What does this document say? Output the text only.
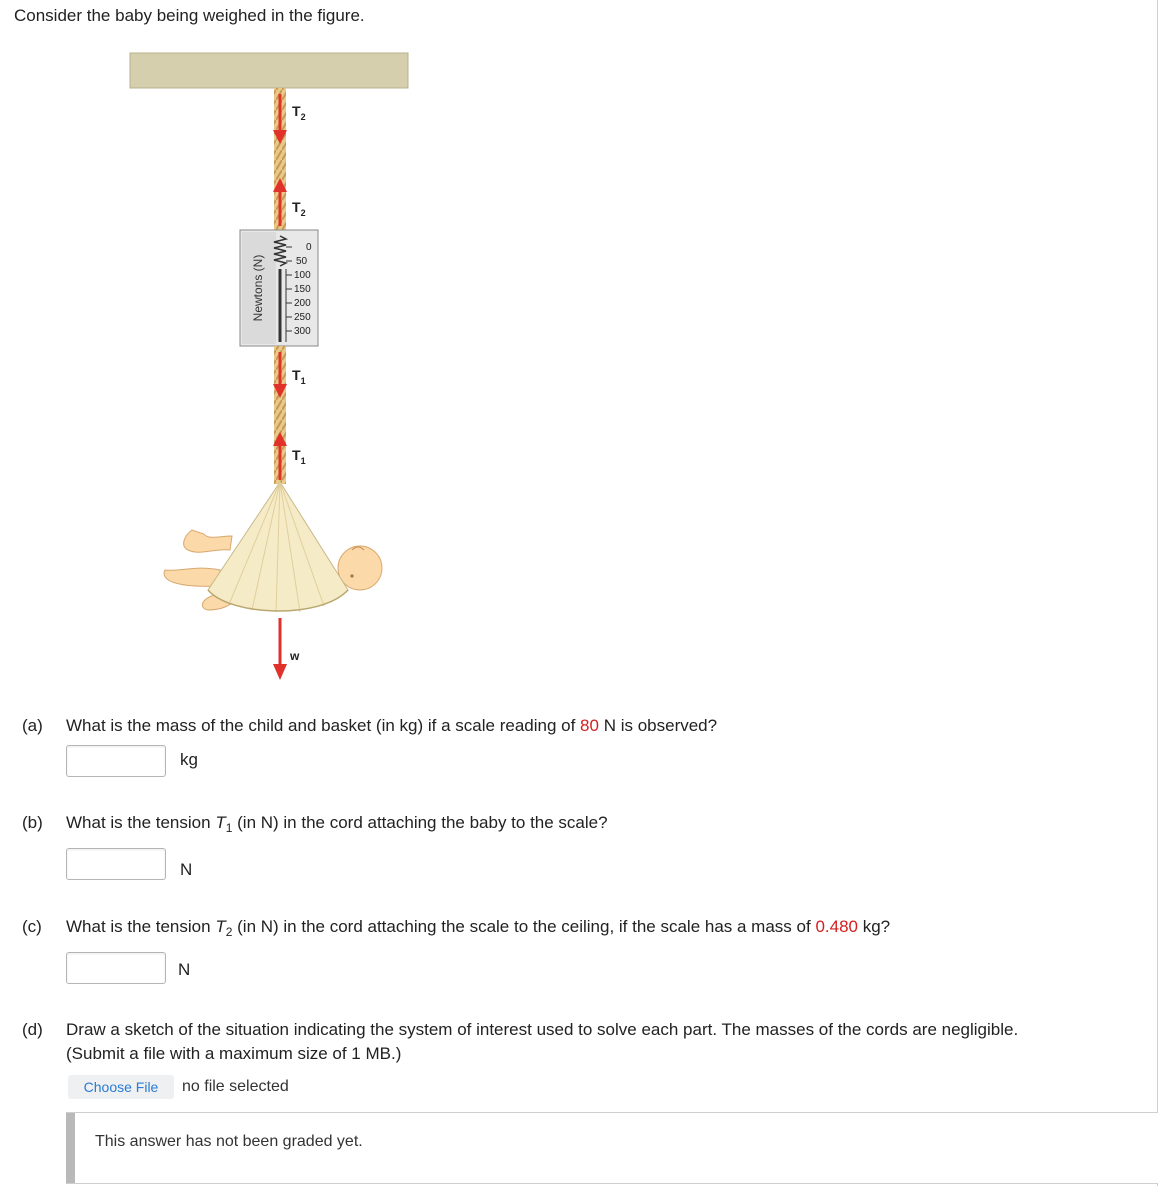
Consider the baby being weighed in the figure.
Newtons (N)
0
50
100
150
200
250
300
$T_2$
$T_2$
$T_1$
$T_1$
w
(a) What is the mass of the child and basket (in kg) if a scale reading of 80 N is observed?
kg
(b) What is the tension $T_1$ (in N) in the cord attaching the baby to the scale?
N
(c) What is the tension $T_2$ (in N) in the cord attaching the scale to the ceiling, if the scale has a mass of 0.480 kg?
N
(d) Draw a sketch of the situation indicating the system of interest used to solve each part. The masses of the cords are negligible.
(Submit a file with a maximum size of 1 MB.)
Choose File	no file selected
This answer has not been graded yet.
